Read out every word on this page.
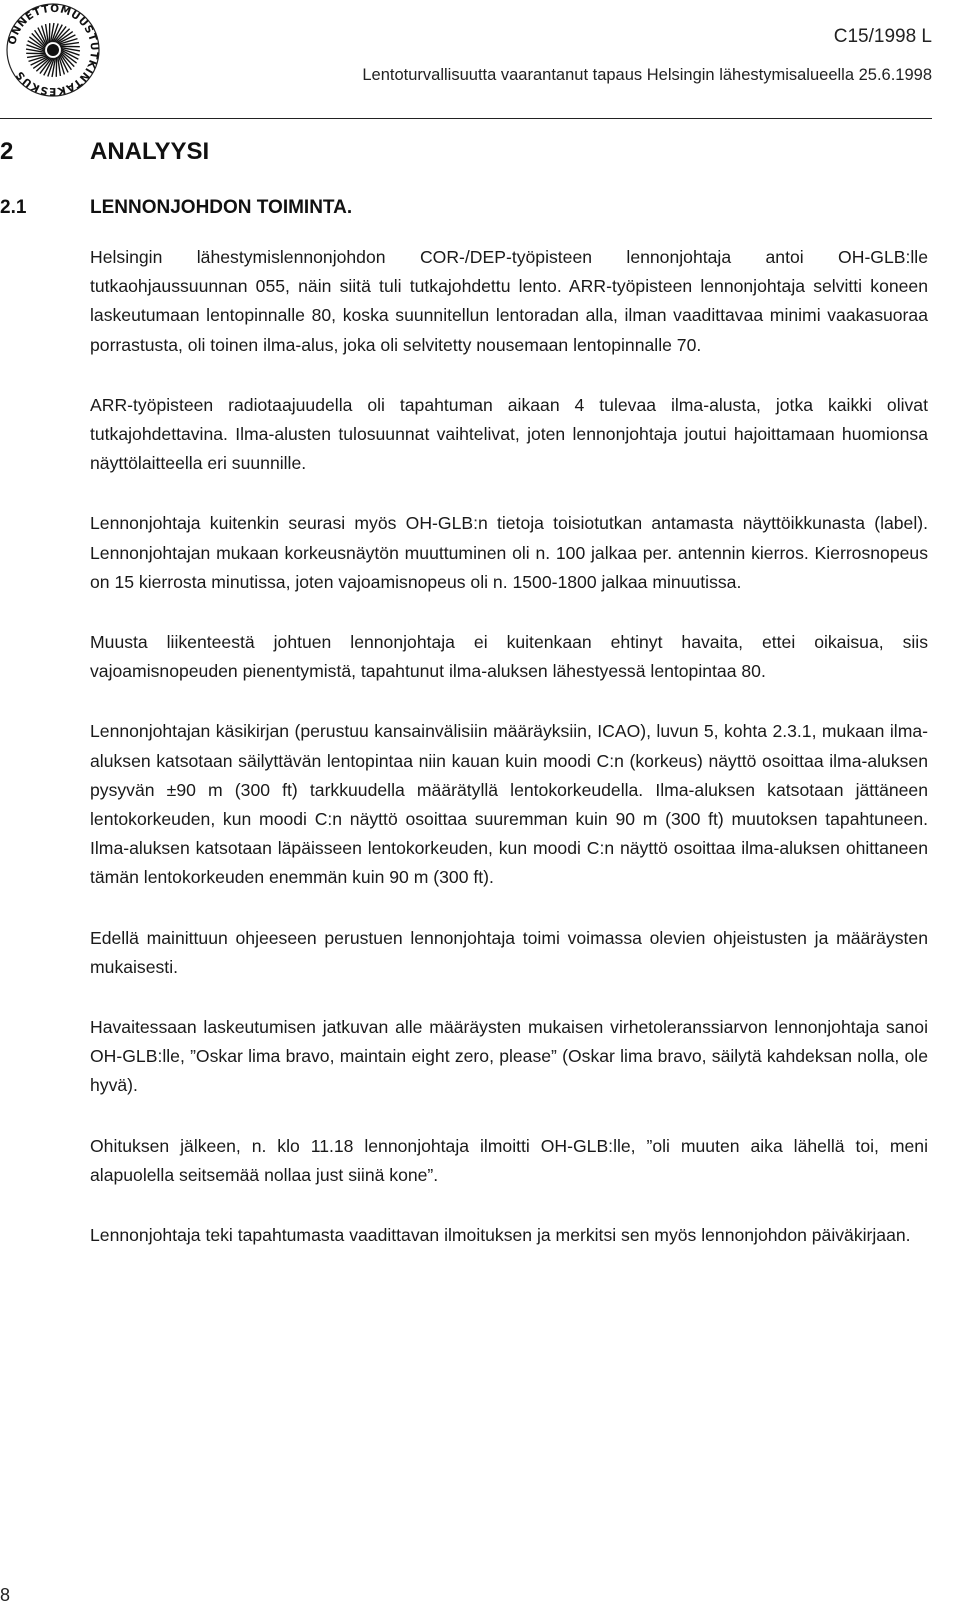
ONNETTOMUUSTUTKINTAKESKUS
C15/1998 L
Lentoturvallisuutta vaarantanut tapaus Helsingin lähestymisalueella 25.6.1998
2	ANALYYSI
2.1	LENNONJOHDON TOIMINTA.

Helsingin lähestymislennonjohdon COR-/DEP-työpisteen lennonjohtaja antoi OH-GLB:lle tutkaohjaussuunnan 055, näin siitä tuli tutkajohdettu lento. ARR-työpisteen lennonjohtaja selvitti koneen laskeutumaan lentopinnalle 80, koska suunnitellun lentoradan alla, ilman vaadittavaa minimi vaakasuoraa porrastusta, oli toinen ilma-alus, joka oli selvitetty nousemaan lentopinnalle 70.

ARR-työpisteen radiotaajuudella oli tapahtuman aikaan 4 tulevaa ilma-alusta, jotka kaikki olivat tutkajohdettavina. Ilma-alusten tulosuunnat vaihtelivat, joten lennonjohtaja joutui hajoittamaan huomionsa näyttölaitteella eri suunnille.

Lennonjohtaja kuitenkin seurasi myös OH-GLB:n tietoja toisiotutkan antamasta näyttöikkunasta (label). Lennonjohtajan mukaan korkeusnäytön muuttuminen oli n. 100 jalkaa per. antennin kierros. Kierrosnopeus on 15 kierrosta minutissa, joten vajoamisnopeus oli n. 1500-1800 jalkaa minuutissa.

Muusta liikenteestä johtuen lennonjohtaja ei kuitenkaan ehtinyt havaita, ettei oikaisua, siis vajoamisnopeuden pienentymistä, tapahtunut ilma-aluksen lähestyessä lentopintaa 80.

Lennonjohtajan käsikirjan (perustuu kansainvälisiin määräyksiin, ICAO), luvun 5, kohta 2.3.1, mukaan ilma-aluksen katsotaan säilyttävän lentopintaa niin kauan kuin moodi C:n (korkeus) näyttö osoittaa ilma-aluksen pysyvän ±90 m (300 ft) tarkkuudella määrätyllä lentokorkeudella. Ilma-aluksen katsotaan jättäneen lentokorkeuden, kun moodi C:n näyttö osoittaa suuremman kuin 90 m (300 ft) muutoksen tapahtuneen. Ilma-aluksen katsotaan läpäisseen lentokorkeuden, kun moodi C:n näyttö osoittaa ilma-aluksen ohittaneen tämän lentokorkeuden enemmän kuin 90 m (300 ft).

Edellä mainittuun ohjeeseen perustuen lennonjohtaja toimi voimassa olevien ohjeistusten ja määräysten mukaisesti.

Havaitessaan laskeutumisen jatkuvan alle määräysten mukaisen virhetoleranssiarvon lennonjohtaja sanoi OH-GLB:lle, ”Oskar lima bravo, maintain eight zero, please” (Oskar lima bravo, säilytä kahdeksan nolla, ole hyvä).

Ohituksen jälkeen, n. klo 11.18 lennonjohtaja ilmoitti OH-GLB:lle, ”oli muuten aika lähellä toi, meni alapuolella seitsemää nollaa just siinä kone”.

Lennonjohtaja teki tapahtumasta vaadittavan ilmoituksen ja merkitsi sen myös lennonjohdon päiväkirjaan.

8
